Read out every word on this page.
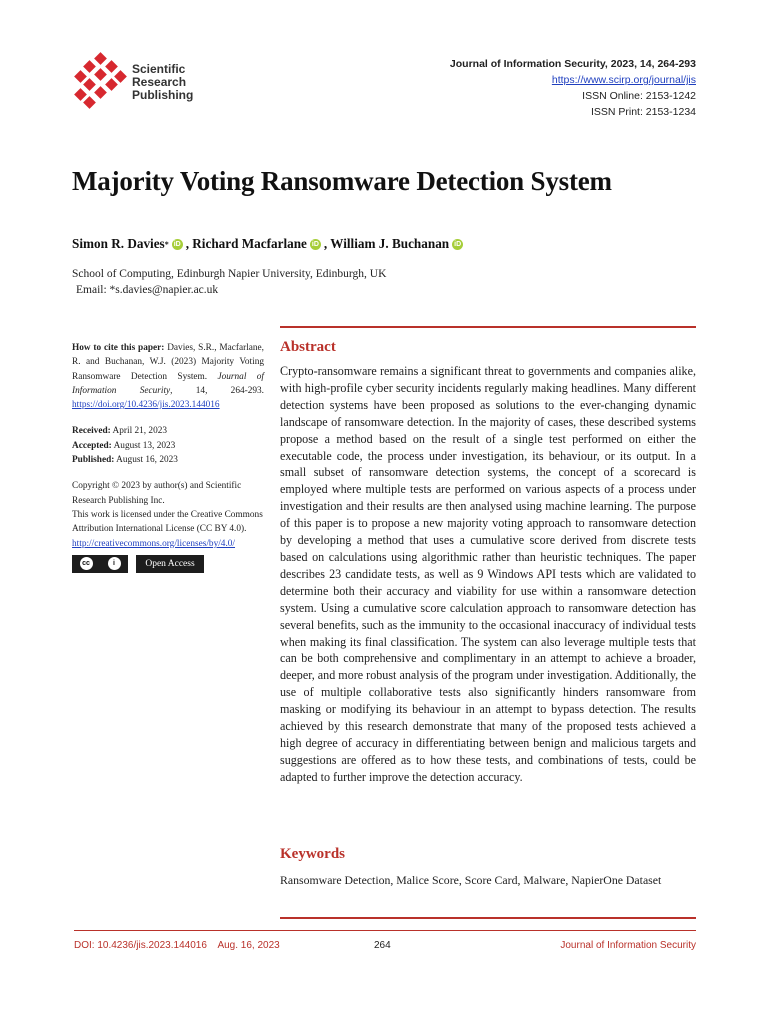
Scientific
Research
Publishing
Journal of Information Security, 2023, 14, 264-293
https://www.scirp.org/journal/jis
ISSN Online: 2153-1242
ISSN Print: 2153-1234
Majority Voting Ransomware Detection System
Simon R. Davies * iD , Richard Macfarlane iD , William J. Buchanan iD
School of Computing, Edinburgh Napier University, Edinburgh, UK
Email: *s.davies@napier.ac.uk
How to cite this paper: Davies, S.R., Macfarlane, R. and Buchanan, W.J. (2023) Majority Voting Ransomware Detection System. Journal of Information Security, 14, 264-293. https://doi.org/10.4236/jis.2023.144016
Received: April 21, 2023
Accepted: August 13, 2023
Published: August 16, 2023
Copyright © 2023 by author(s) and Scientific Research Publishing Inc.
This work is licensed under the Creative Commons Attribution International License (CC BY 4.0).
http://creativecommons.org/licenses/by/4.0/
cc	i	Open Access
Abstract
Crypto-ransomware remains a significant threat to governments and companies alike, with high-profile cyber security incidents regularly making headlines. Many different detection systems have been proposed as solutions to the ever-changing dynamic landscape of ransomware detection. In the majority of cases, these described systems propose a method based on the result of a single test performed on either the executable code, the process under investigation, its behaviour, or its output. In a small subset of ransomware detection systems, the concept of a scorecard is employed where multiple tests are performed on various aspects of a process under investigation and their results are then analysed using machine learning. The purpose of this paper is to propose a new majority voting approach to ransomware detection by developing a method that uses a cumulative score derived from discrete tests based on calculations using algorithmic rather than heuristic techniques. The paper describes 23 candidate tests, as well as 9 Windows API tests which are validated to determine both their accuracy and viability for use within a ransomware detection system. Using a cumulative score calculation approach to ransomware detection has several benefits, such as the immunity to the occasional inaccuracy of individual tests when making its final classification. The system can also leverage multiple tests that can be both comprehensive and complimentary in an attempt to achieve a broader, deeper, and more robust analysis of the program under investigation. Additionally, the use of multiple collaborative tests also significantly hinders ransomware from masking or modifying its behaviour in an attempt to bypass detection. The results achieved by this research demonstrate that many of the proposed tests achieved a high degree of accuracy in differentiating between benign and malicious targets and suggestions are offered as to how these tests, and combinations of tests, could be adapted to further improve the detection accuracy.
Keywords
Ransomware Detection, Malice Score, Score Card, Malware, NapierOne Dataset
DOI: 10.4236/jis.2023.144016    Aug. 16, 2023	264	Journal of Information Security
